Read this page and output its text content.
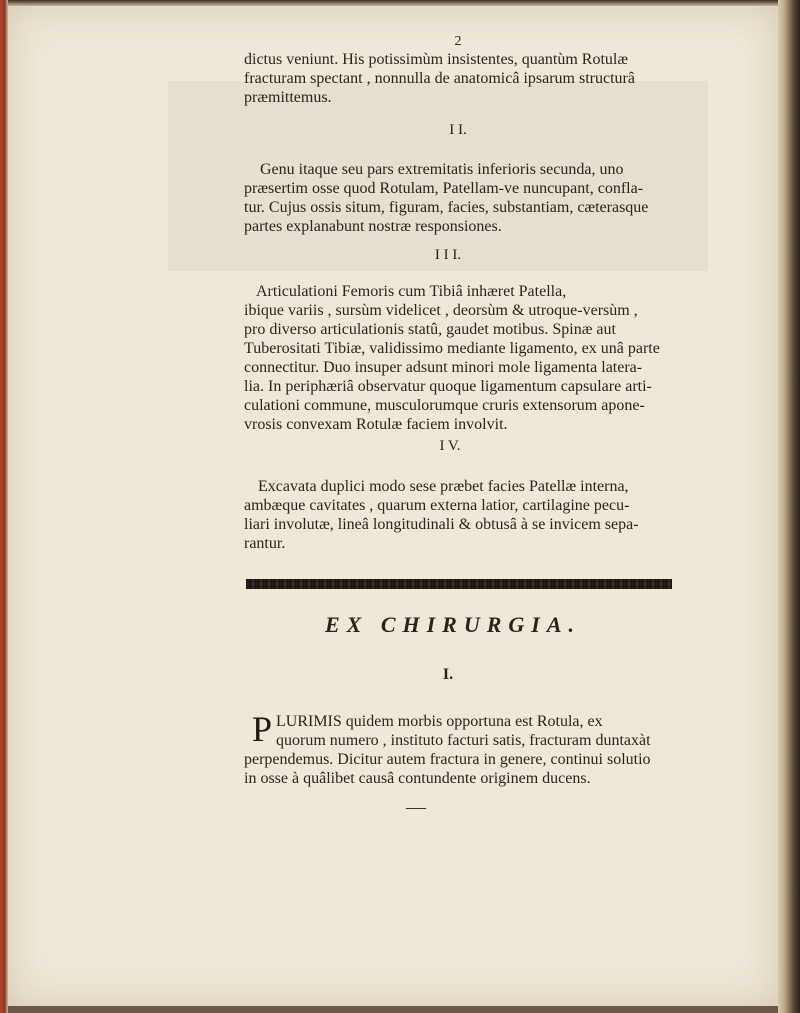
2
dictus veniunt. His potissimùm insistentes, quantùm Rotulæ
fracturam spectant , nonnulla de anatomicâ ipsarum structurâ
præmittemus.
I I.
Genu itaque seu pars extremitatis inferioris secunda, uno
præsertim osse quod Rotulam, Patellam-ve nuncupant, confla-
tur. Cujus ossis situm, figuram, facies, substantiam, cæterasque
partes explanabunt nostræ responsiones.
I I I.
Articulationi Femoris cum Tibiâ inhæret Patella,
ibique variis , sursùm videlicet , deorsùm & utroque-versùm ,
pro diverso articulationis statû, gaudet motibus. Spinæ aut
Tuberositati Tibiæ, validissimo mediante ligamento, ex unâ parte
connectitur. Duo insuper adsunt minori mole ligamenta latera-
lia. In periphæriâ observatur quoque ligamentum capsulare arti-
culationi commune, musculorumque cruris extensorum apone-
vrosis convexam Rotulæ faciem involvit.
I V.
Excavata duplici modo sese præbet facies Patellæ interna,
ambæque cavitates , quarum externa latior, cartilagine pecu-
liari involutæ, lineâ longitudinali & obtusâ à se invicem sepa-
rantur.
EX CHIRURGIA.
I.
P LURIMIS quidem morbis opportuna est Rotula, ex
quorum numero , instituto facturi satis, fracturam duntaxàt
perpendemus. Dicitur autem fractura in genere, continui solutio
in osse à quâlibet causâ contundente originem ducens.
